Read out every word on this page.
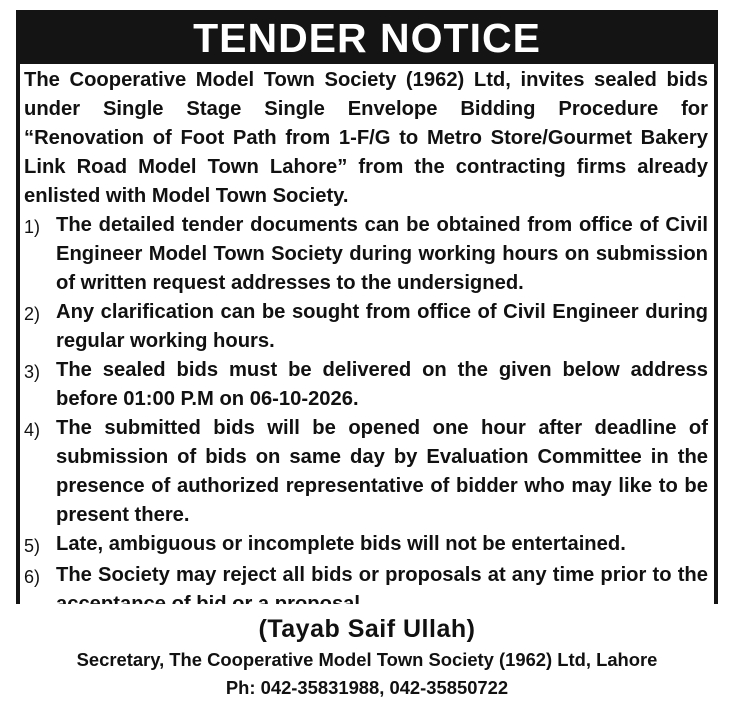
TENDER NOTICE

The Cooperative Model Town Society (1962) Ltd, invites sealed bids under Single Stage Single Envelope Bidding Procedure for “Renovation of Foot Path from 1-F/G to Metro Store/Gourmet Bakery Link Road Model Town Lahore” from the contracting firms already enlisted with Model Town Society.

1) The detailed tender documents can be obtained from office of Civil Engineer Model Town Society during working hours on submission of written request addresses to the undersigned.
2) Any clarification can be sought from office of Civil Engineer during regular working hours.
3) The sealed bids must be delivered on the given below address before 01:00 P.M on 06-10-2026.
4) The submitted bids will be opened one hour after deadline of submission of bids on same day by Evaluation Committee in the presence of authorized representative of bidder who may like to be present there.
5) Late, ambiguous or incomplete bids will not be entertained.
6) The Society may reject all bids or proposals at any time prior to the
(Tayab Saif Ullah)
Secretary, The Cooperative Model Town Society (1962) Ltd, Lahore
Ph: 042-35831988, 042-35850722
